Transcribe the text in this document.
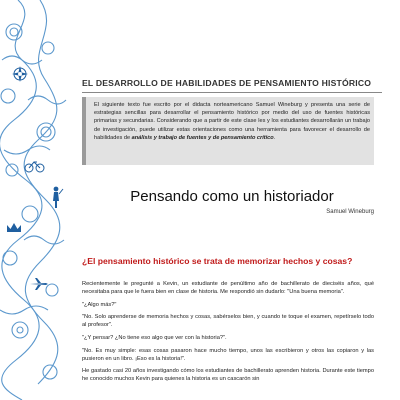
EL DESARROLLO DE HABILIDADES DE PENSAMIENTO HISTÓRICO
El siguiente texto fue escrito por el didacta norteamericano Samuel Wineburg y presenta una serie de estrategias sencillas para desarrollar el pensamiento histórico por medio del uso de fuentes históricas primarias y secundarias. Considerando que a partir de este clase les y los estudiantes desarrollarán un trabajo de investigación, puede utilizar estas orientaciones como una herramienta para favorecer el desarrollo de habilidades de análisis y trabajo de fuentes y de pensamiento crítico.
Pensando como un historiador
Samuel Wineburg
¿El pensamiento histórico se trata de memorizar hechos y cosas?

Recientemente le pregunté a Kevin, un estudiante de penúltimo año de bachillerato de dieciséis años, qué necesitaba para que le fuera bien en clase de historia. Me respondió sin dudarlo: "Una buena memoria".

"¿Algo más?"

"No. Solo aprenderse de memoria hechos y cosas, sabérselos bien, y cuando te toque el examen, repetírselo todo al profesor".

"¿Y pensar? ¿No tiene eso algo que ver con la historia?".

"No. Es muy simple: esas cosas pasaron hace mucho tiempo, unos las escribieron y otros las copiaron y las pusieron en un libro. ¡Eso es la historia!".

He gastado casi 20 años investigando cómo los estudiantes de bachillerato aprenden historia. Durante este tiempo he conocido muchos Kevin para quienes la historia es un cascarón sin
